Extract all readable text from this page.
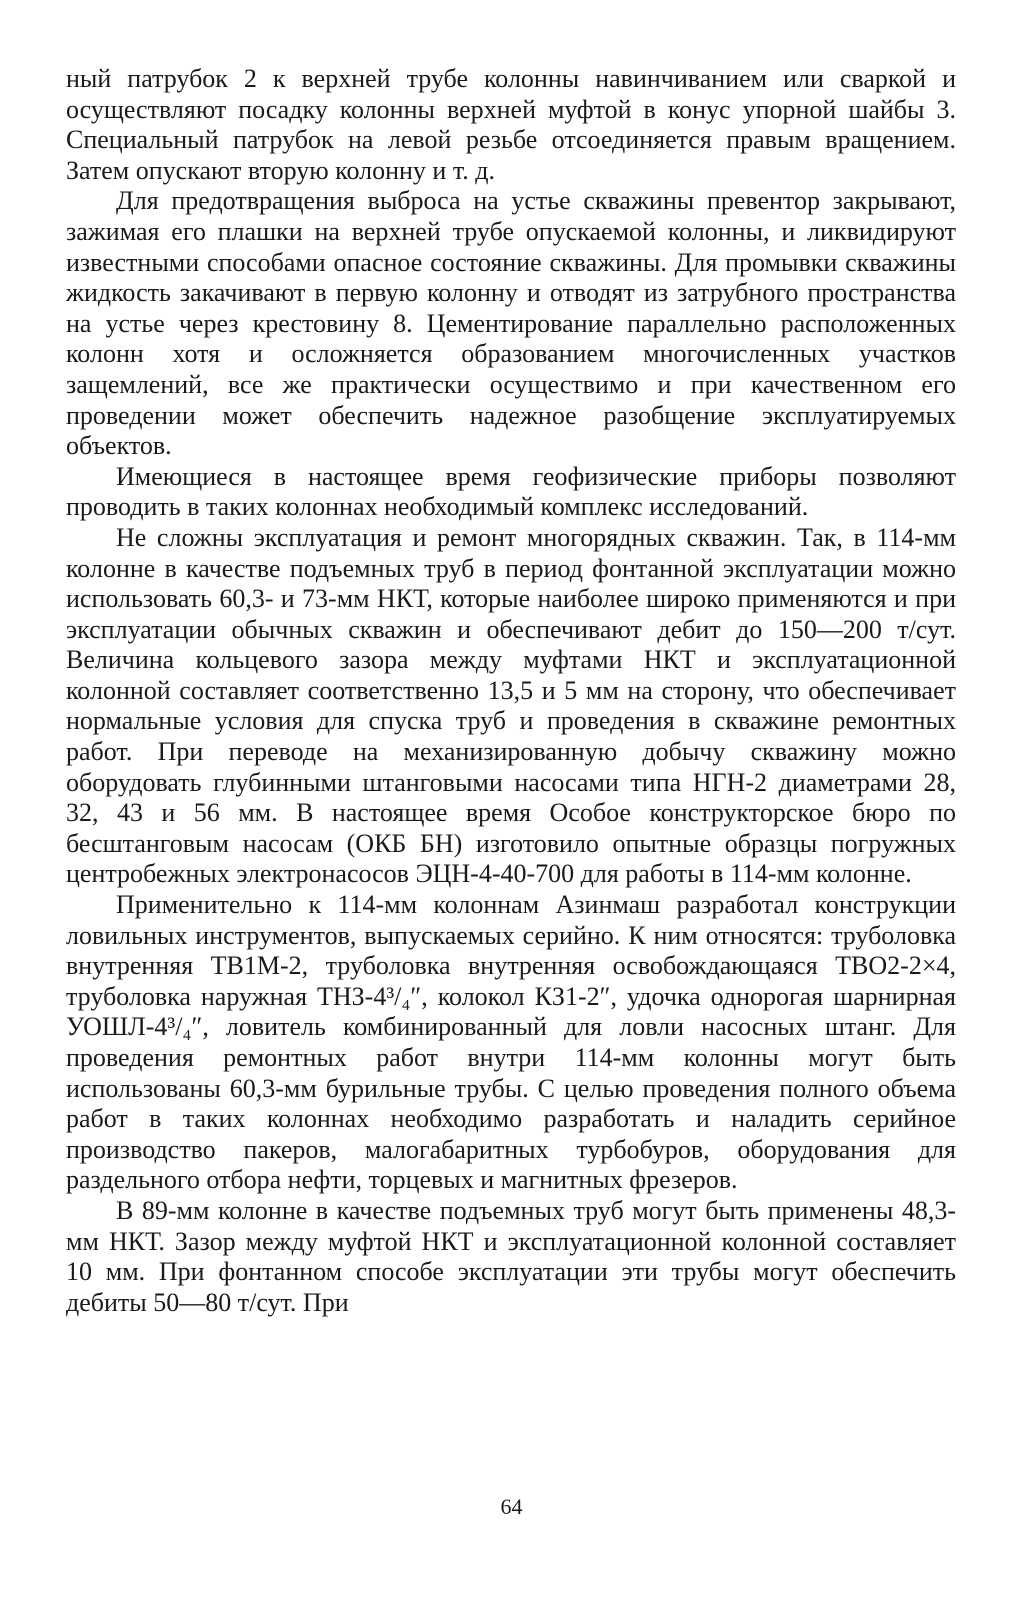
ный патрубок 2 к верхней трубе колонны навинчиванием или сваркой и осуществляют посадку колонны верхней муфтой в конус упорной шайбы 3. Специальный патрубок на левой резьбе отсоединяется правым вращением. Затем опускают вторую колонну и т. д.

Для предотвращения выброса на устье скважины превентор закрывают, зажимая его плашки на верхней трубе опускаемой колонны, и ликвидируют известными способами опасное состояние скважины. Для промывки скважины жидкость закачивают в первую колонну и отводят из затрубного пространства на устье через крестовину 8. Цементирование параллельно расположенных колонн хотя и осложняется образованием многочисленных участков защемлений, все же практически осуществимо и при качественном его проведении может обеспечить надежное разобщение эксплуатируемых объектов.

Имеющиеся в настоящее время геофизические приборы позволяют проводить в таких колоннах необходимый комплекс исследований.

Не сложны эксплуатация и ремонт многорядных скважин. Так, в 114-мм колонне в качестве подъемных труб в период фонтанной эксплуатации можно использовать 60,3- и 73-мм НКТ, которые наиболее широко применяются и при эксплуатации обычных скважин и обеспечивают дебит до 150—200 т/сут. Величина кольцевого зазора между муфтами НКТ и эксплуатационной колонной составляет соответственно 13,5 и 5 мм на сторону, что обеспечивает нормальные условия для спуска труб и проведения в скважине ремонтных работ. При переводе на механизированную добычу скважину можно оборудовать глубинными штанговыми насосами типа НГН-2 диаметрами 28, 32, 43 и 56 мм. В настоящее время Особое конструкторское бюро по бесштанговым насосам (ОКБ БН) изготовило опытные образцы погружных центробежных электронасосов ЭЦН-4-40-700 для работы в 114-мм колонне.

Применительно к 114-мм колоннам Азинмаш разработал конструкции ловильных инструментов, выпускаемых серийно. К ним относятся: труболовка внутренняя ТВ1М-2, труболовка внутренняя освобождающаяся ТВО2-2×4, труболовка наружная ТНЗ-4³/₄″, колокол КЗ1-2″, удочка однорогая шарнирная УОШЛ-4³/₄″, ловитель комбинированный для ловли насосных штанг. Для проведения ремонтных работ внутри 114-мм колонны могут быть использованы 60,3-мм бурильные трубы. С целью проведения полного объема работ в таких колоннах необходимо разработать и наладить серийное производство пакеров, малогабаритных турбобуров, оборудования для раздельного отбора нефти, торцевых и магнитных фрезеров.

В 89-мм колонне в качестве подъемных труб могут быть применены 48,3-мм НКТ. Зазор между муфтой НКТ и эксплуатационной колонной составляет 10 мм. При фонтанном способе эксплуатации эти трубы могут обеспечить дебиты 50—80 т/сут. При

64
